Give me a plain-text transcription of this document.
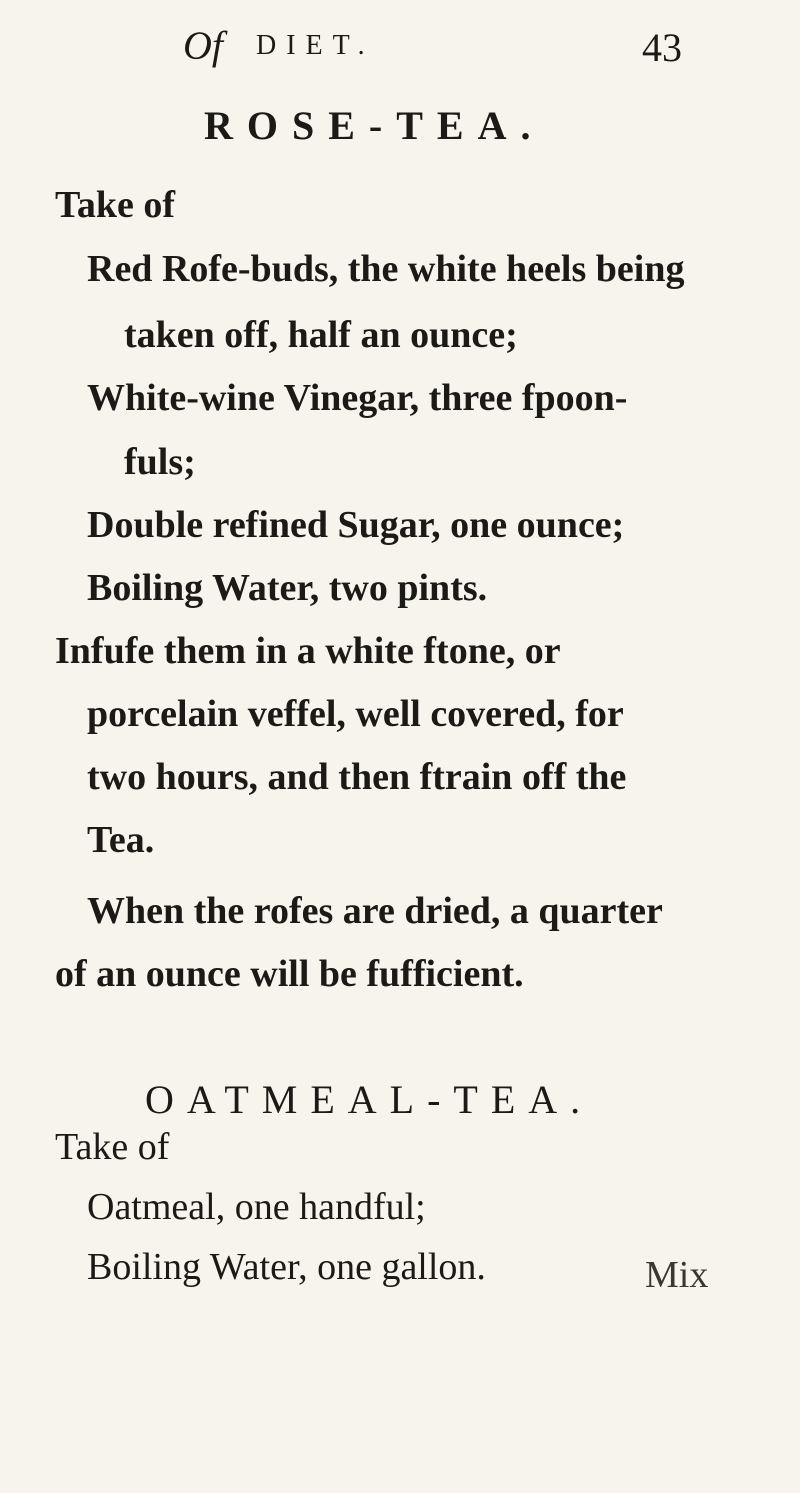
Of DIET.	43
ROSE-TEA.
Take of
Red Rofe-buds, the white heels being
taken off, half an ounce;
White-wine Vinegar, three fpoon-
fuls;
Double refined Sugar, one ounce;
Boiling Water, two pints.
Infufe them in a white ftone, or
porcelain veffel, well covered, for
two hours, and then ftrain off the
Tea.
When the rofes are dried, a quarter
of an ounce will be fufficient.
OATMEAL-TEA.
Take of
Oatmeal, one handful;
Boiling Water, one gallon.	Mix
